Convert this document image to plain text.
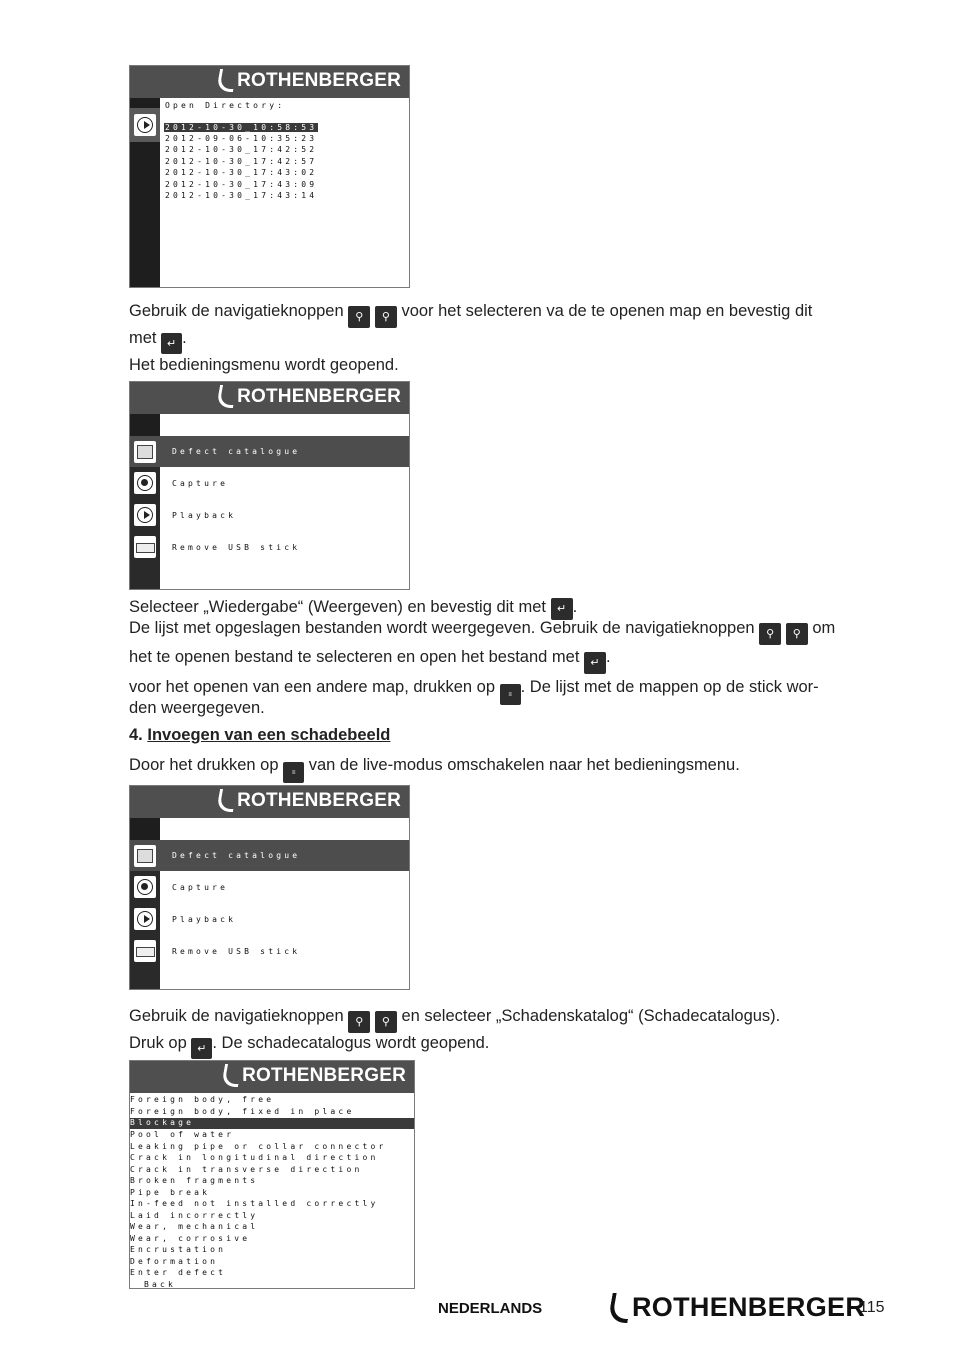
ROTHENBERGER
Open Directory:
2012-10-30_10:58:53
2012-09-06-10:35:23
2012-10-30_17:42:52
2012-10-30_17:42:57
2012-10-30_17:43:02
2012-10-30_17:43:09
2012-10-30_17:43:14
Gebruik de navigatieknoppen ⚲ ⚲ voor het selecteren va de te openen map en bevestig dit
met ↵ .
Het bedieningsmenu wordt geopend.
ROTHENBERGER
Defect catalogue
Capture
Playback
Remove USB stick
Selecteer „Wiedergabe“ (Weergeven) en bevestig dit met ↵ .
De lijst met opgeslagen bestanden wordt weergegeven. Gebruik de navigatieknoppen ⚲ ⚲ om
het te openen bestand te selecteren en open het bestand met ↵ .
voor het openen van een andere map, drukken op ≡ . De lijst met de mappen op de stick wor-
den weergegeven.
4. Invoegen van een schadebeeld
Door het drukken op ≡ van de live-modus omschakelen naar het bedieningsmenu.
ROTHENBERGER
Defect catalogue
Capture
Playback
Remove USB stick
Gebruik de navigatieknoppen ⚲ ⚲ en selecteer „Schadenskatalog“ (Schadecatalogus).
Druk op ↵ . De schadecatalogus wordt geopend.
ROTHENBERGER
Foreign body, free
Foreign body, fixed in place
Blockage
Pool of water
Leaking pipe or collar connector
Crack in longitudinal direction
Crack in transverse direction
Broken fragments
Pipe break
In-feed not installed correctly
Laid incorrectly
Wear, mechanical
Wear, corrosive
Encrustation
Deformation
Enter defect
Back
NEDERLANDS	ROTHENBERGER
115
